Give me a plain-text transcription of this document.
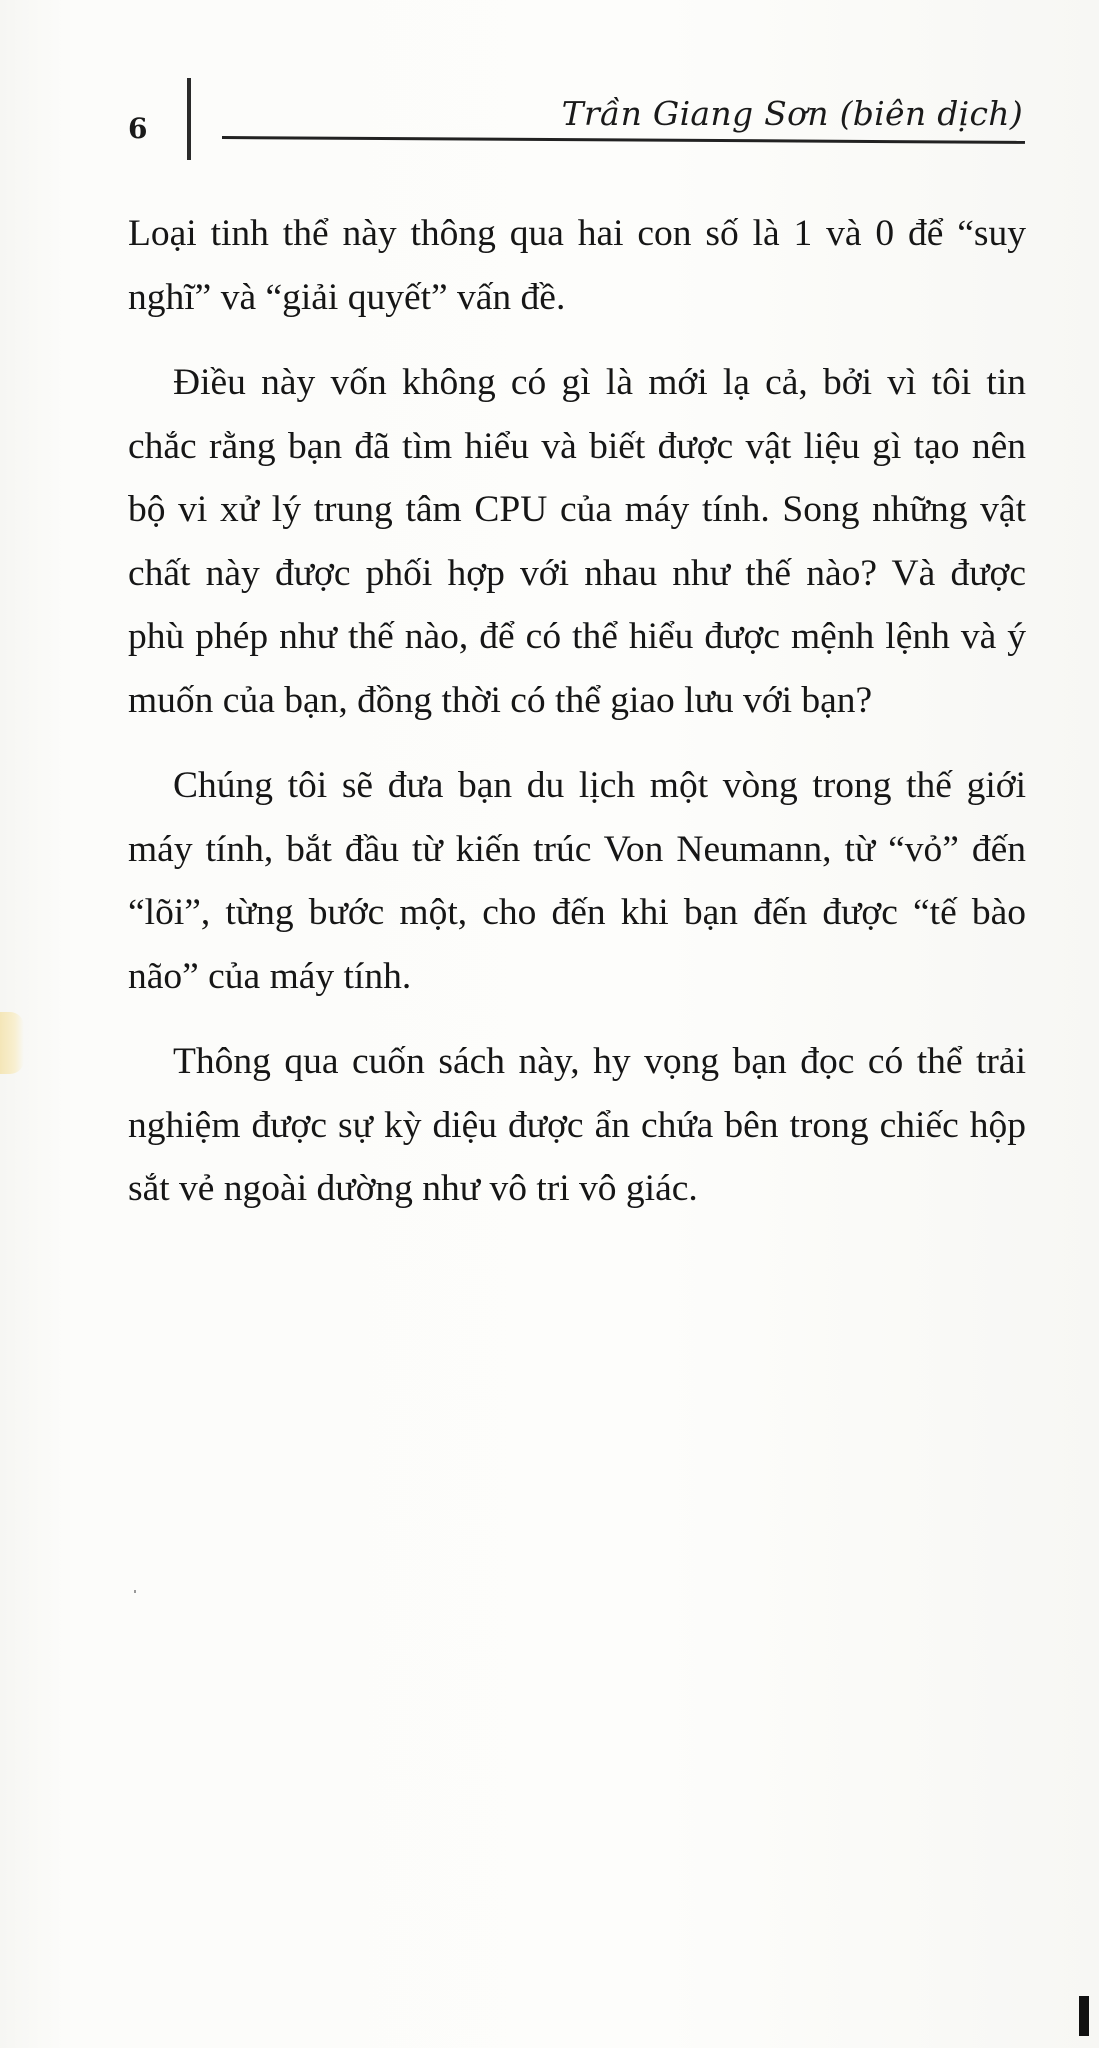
6	Trần Giang Sơn (biên dịch)

Loại tinh thể này thông qua hai con số là 1 và 0 để “suy nghĩ” và “giải quyết” vấn đề.

Điều này vốn không có gì là mới lạ cả, bởi vì tôi tin chắc rằng bạn đã tìm hiểu và biết được vật liệu gì tạo nên bộ vi xử lý trung tâm CPU của máy tính. Song những vật chất này được phối hợp với nhau như thế nào? Và được phù phép như thế nào, để có thể hiểu được mệnh lệnh và ý muốn của bạn, đồng thời có thể giao lưu với bạn?

Chúng tôi sẽ đưa bạn du lịch một vòng trong thế giới máy tính, bắt đầu từ kiến trúc Von Neumann, từ “vỏ” đến “lõi”, từng bước một, cho đến khi bạn đến được “tế bào não” của máy tính.

Thông qua cuốn sách này, hy vọng bạn đọc có thể trải nghiệm được sự kỳ diệu được ẩn chứa bên trong chiếc hộp sắt vẻ ngoài dường như vô tri vô giác.
